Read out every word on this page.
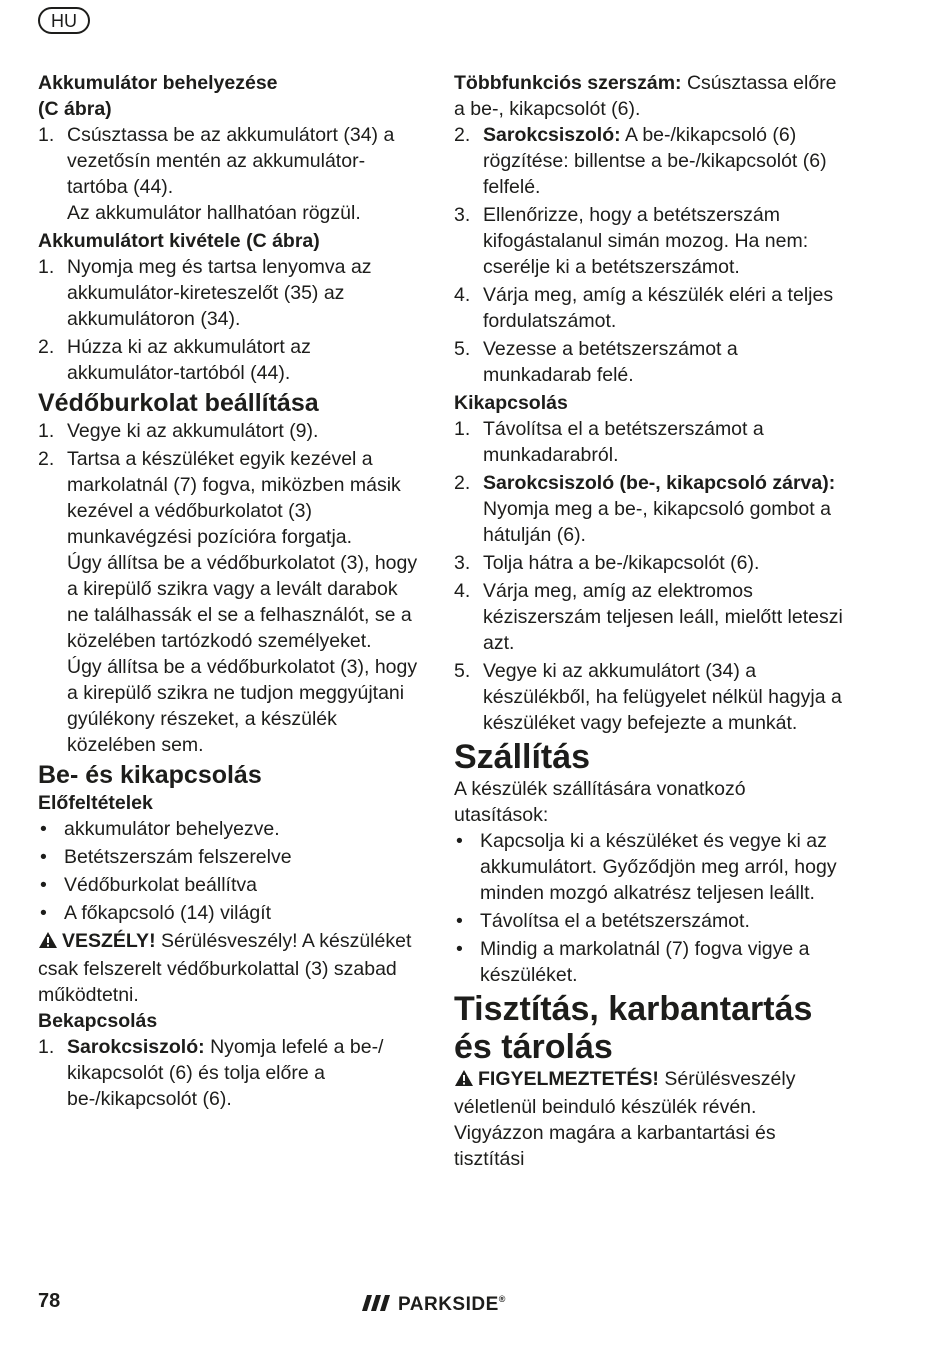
HU

Akkumulátor behelyezése
(C ábra)

1. Csúsztassa be az akkumulátort (34) a vezetősín mentén az akkumulátor-tartóba (44).
Az akkumulátor hallhatóan rögzül.

Akkumulátort kivétele (C ábra)

1. Nyomja meg és tartsa lenyomva az akkumulátor-kireteszelőt (35) az akkumulátoron (34).
2. Húzza ki az akkumulátort az akkumulátor-tartóból (44).

Védőburkolat beállítása

1. Vegye ki az akkumulátort (9).
2. Tartsa a készüléket egyik kezével a markolatnál (7) fogva, miközben másik kezével a védőburkolatot (3) munkavégzési pozícióra forgatja.
Úgy állítsa be a védőburkolatot (3), hogy a kirepülő szikra vagy a levált darabok ne találhassák el se a felhasználót, se a közelében tartózkodó személyeket.
Úgy állítsa be a védőburkolatot (3), hogy a kirepülő szikra ne tudjon meggyújtani gyúlékony részeket, a készülék közelében sem.

Be- és kikapcsolás

Előfeltételek

• akkumulátor behelyezve.
• Betétszerszám felszerelve
• Védőburkolat beállítva
• A főkapcsoló (14) világít

VESZÉLY! Sérülésveszély! A készüléket csak felszerelt védőburkolattal (3) szabad működtetni.

Bekapcsolás

1. Sarokcsiszoló: Nyomja lefelé a be-/ kikapcsolót (6) és tolja előre a be-/kikapcsolót (6).

Többfunkciós szerszám: Csúsztassa előre a be-, kikapcsolót (6).

2. Sarokcsiszoló: A be-/kikapcsoló (6) rögzítése: billentse a be-/kikapcsolót (6) felfelé.
3. Ellenőrizze, hogy a betétszerszám kifogástalanul simán mozog. Ha nem: cserélje ki a betétszerszámot.
4. Várja meg, amíg a készülék eléri a teljes fordulatszámot.
5. Vezesse a betétszerszámot a munkadarab felé.

Kikapcsolás

1. Távolítsa el a betétszerszámot a munkadarabról.
2. Sarokcsiszoló (be-, kikapcsoló zárva): Nyomja meg a be-, kikapcsoló gombot a hátulján (6).
3. Tolja hátra a be-/kikapcsolót (6).
4. Várja meg, amíg az elektromos kéziszerszám teljesen leáll, mielőtt leteszi azt.
5. Vegye ki az akkumulátort (34) a készülékből, ha felügyelet nélkül hagyja a készüléket vagy befejezte a munkát.

Szállítás

A készülék szállítására vonatkozó utasítások:

• Kapcsolja ki a készüléket és vegye ki az akkumulátort. Győződjön meg arról, hogy minden mozgó alkatrész teljesen leállt.
• Távolítsa el a betétszerszámot.
• Mindig a markolatnál (7) fogva vigye a készüléket.

Tisztítás, karbantartás és tárolás

FIGYELMEZTETÉS! Sérülésveszély véletlenül beinduló készülék révén. Vigyázzon magára a karbantartási és tisztítási

78	PARKSIDE®
